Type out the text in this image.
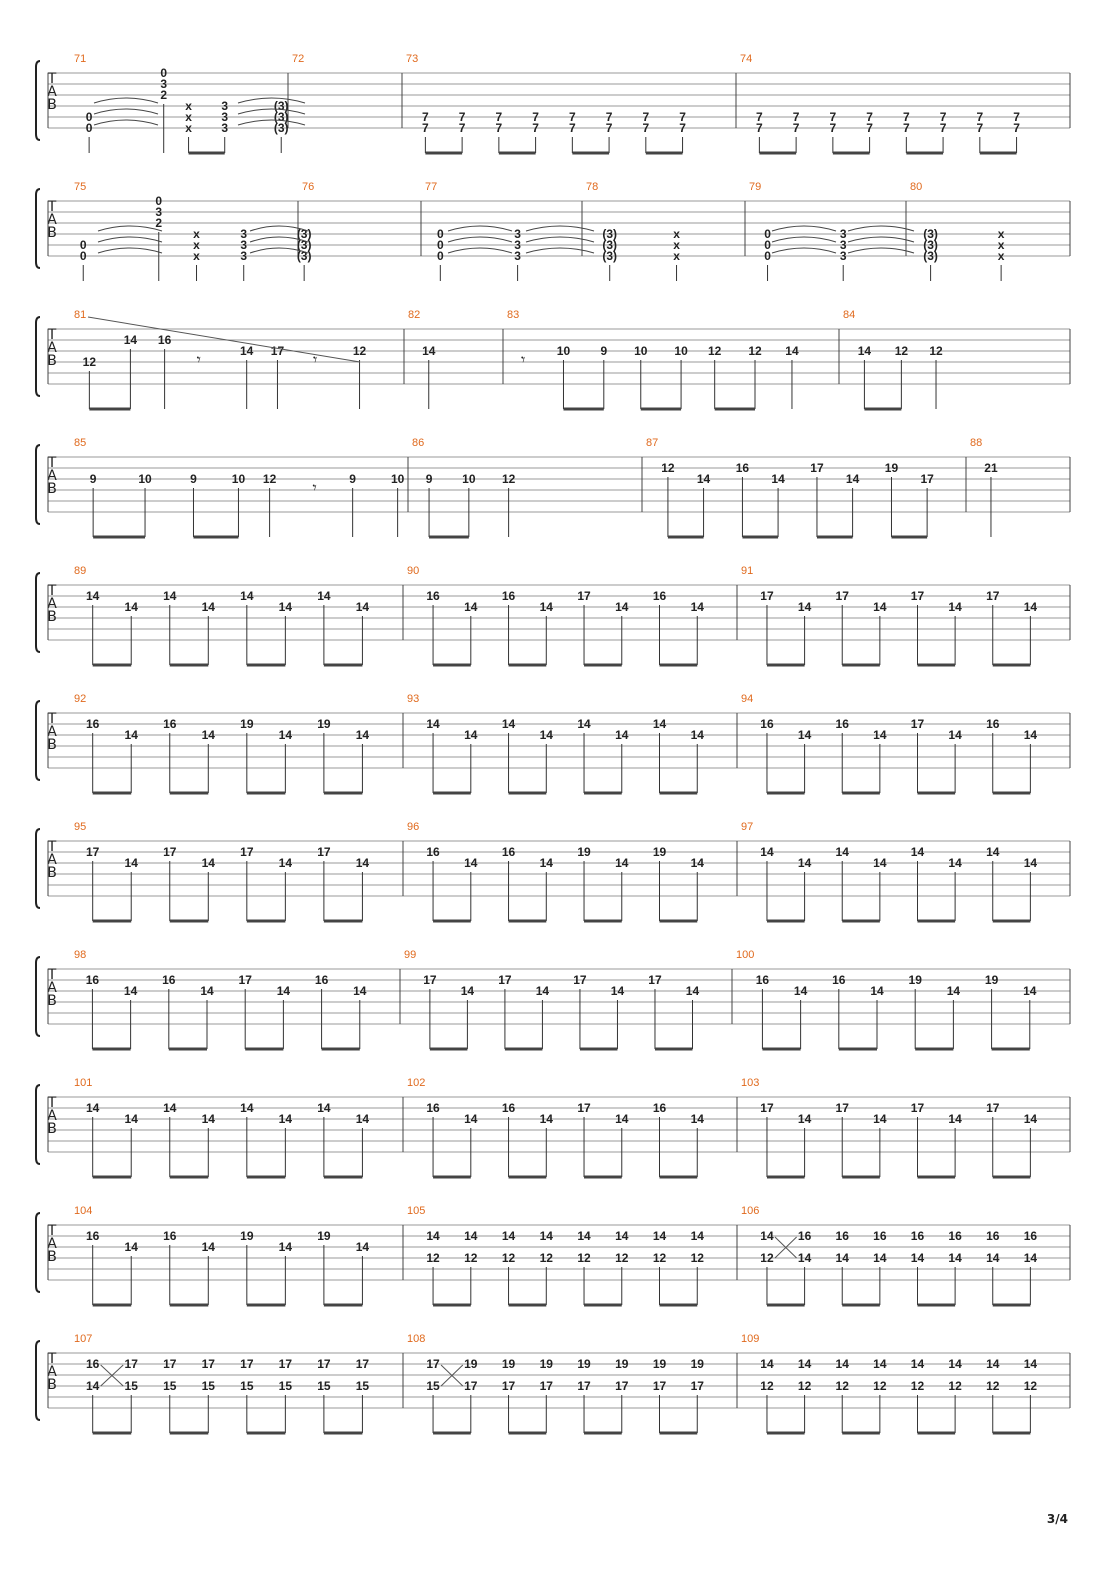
T
A
B
71
0
0
0
3
2
x
x
x
3
3
3
(3)
(3)
(3)
72	73
7
7
7
7
7
7
7
7
7
7
7
7
7
7
7
7
74
7
7
7
7
7
7
7
7
7
7
7
7
7
7
7
7
T
A
B
75
0
0
0
3
2
x
x
x
3
3
3
76
(3)
(3)
(3)
77
0
0
0
3
3
3
78
(3)
(3)
(3)
x
x
x
79
0
0
0
3
3
3
80
(3)
(3)
(3)
x
x
x
T
A
B
81
12
14 16
𝄾	14 17 𝄾	12
82
14
83
𝄾	10	9 10 10 12 12 14
84
14 12 12
T
A
B
85
9	10	9	10 12 𝄾	9	10
86
9 10 12
87
12
14
16
14
17
14
19
17
88
21
T
A
B
89
14
14
14
14
14
14
14
14
90
16
14
16
14
17
14
16
14
91
17
14
17
14
17
14
17
14
T
A
B
92
16
14
16
14
19
14
19
14
93
14
14
14
14
14
14
14
14
94
16
14
16
14
17
14
16
14
T
A
B
95
17
14
17
14
17
14
17
14
96
16
14
16
14
19
14
19
14
97
14
14
14
14
14
14
14
14
T
A
B
98
16
14
16
14
17
14
16
14
99
17
14
17
14
17
14
17
14
100
16
14
16
14
19
14
19
14
T
A
B
101
14
14
14
14
14
14
14
14
102
16
14
16
14
17
14
16
14
103
17
14
17
14
17
14
17
14
T
A
B
104
16
14
16
14
19
14
19
14
105
14
12
14
12
14
12
14
12
14
12
14
12
14
12
14
12
106
14
12
16
14
16
14
16
14
16
14
16
14
16
14
16
14
T
A
B
107
16
14
17
15
17
15
17
15
17
15
17
15
17
15
17
15
108
17
15
19
17
19
17
19
17
19
17
19
17
19
17
19
17
109
14
12
14
12
14
12
14
12
14
12
14
12
14
12
14
12
3/4
